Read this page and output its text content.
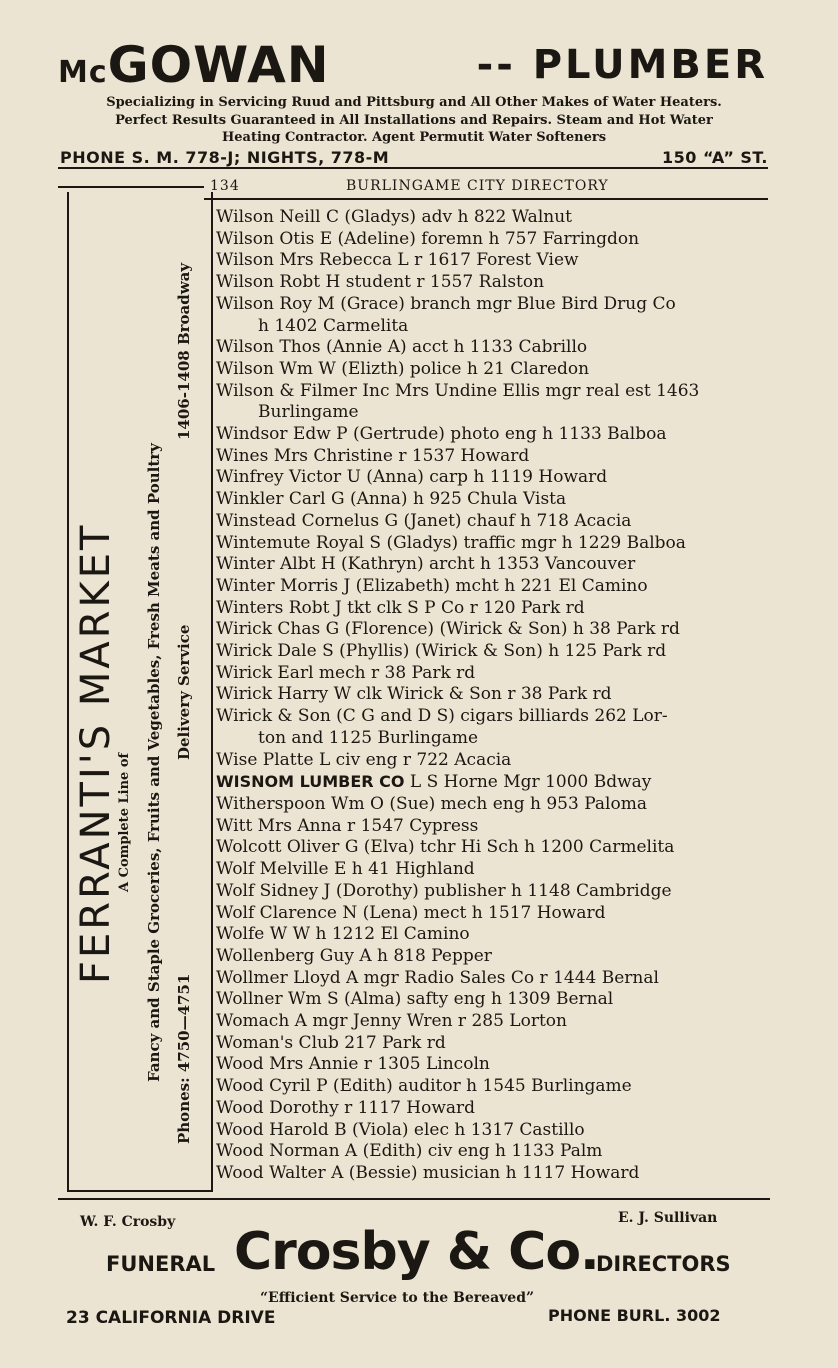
McGOWAN	-- PLUMBER
Specializing in Servicing Ruud and Pittsburg and All Other Makes of Water Heaters.
Perfect Results Guaranteed in All Installations and Repairs. Steam and Hot Water
Heating Contractor. Agent Permutit Water Softeners
PHONE S. M. 778-J; NIGHTS, 778-M	150 “A” ST.
134	BURLINGAME CITY DIRECTORY
FERRANTI'S MARKET
A Complete Line of Fancy and Staple Groceries, Fruits and Vegetables, Fresh Meats and Poultry Phones: 4750—4751
Delivery Service
1406-1408 Broadway
Wilson Neill C (Gladys) adv h 822 Walnut
Wilson Otis E (Adeline) foremn h 757 Farringdon
Wilson Mrs Rebecca L r 1617 Forest View
Wilson Robt H student r 1557 Ralston
Wilson Roy M (Grace) branch mgr Blue Bird Drug Co
h 1402 Carmelita
Wilson Thos (Annie A) acct h 1133 Cabrillo
Wilson Wm W (Elizth) police h 21 Claredon
Wilson & Filmer Inc Mrs Undine Ellis mgr real est 1463
Burlingame
Windsor Edw P (Gertrude) photo eng h 1133 Balboa
Wines Mrs Christine r 1537 Howard
Winfrey Victor U (Anna) carp h 1119 Howard
Winkler Carl G (Anna) h 925 Chula Vista
Winstead Cornelus G (Janet) chauf h 718 Acacia
Wintemute Royal S (Gladys) traffic mgr h 1229 Balboa
Winter Albt H (Kathryn) archt h 1353 Vancouver
Winter Morris J (Elizabeth) mcht h 221 El Camino
Winters Robt J tkt clk S P Co r 120 Park rd
Wirick Chas G (Florence) (Wirick & Son) h 38 Park rd
Wirick Dale S (Phyllis) (Wirick & Son) h 125 Park rd
Wirick Earl mech r 38 Park rd
Wirick Harry W clk Wirick & Son r 38 Park rd
Wirick & Son (C G and D S) cigars billiards 262 Lor-
ton and 1125 Burlingame
Wise Platte L civ eng r 722 Acacia
WISNOM LUMBER CO L S Horne Mgr 1000 Bdway
Witherspoon Wm O (Sue) mech eng h 953 Paloma
Witt Mrs Anna r 1547 Cypress
Wolcott Oliver G (Elva) tchr Hi Sch h 1200 Carmelita
Wolf Melville E h 41 Highland
Wolf Sidney J (Dorothy) publisher h 1148 Cambridge
Wolf Clarence N (Lena) mect h 1517 Howard
Wolfe W W h 1212 El Camino
Wollenberg Guy A h 818 Pepper
Wollmer Lloyd A mgr Radio Sales Co r 1444 Bernal
Wollner Wm S (Alma) safty eng h 1309 Bernal
Womach A mgr Jenny Wren r 285 Lorton
Woman's Club 217 Park rd
Wood Mrs Annie r 1305 Lincoln
Wood Cyril P (Edith) auditor h 1545 Burlingame
Wood Dorothy r 1117 Howard
Wood Harold B (Viola) elec h 1317 Castillo
Wood Norman A (Edith) civ eng h 1133 Palm
Wood Walter A (Bessie) musician h 1117 Howard
W. F. Crosby	E. J. Sullivan
FUNERAL Crosby & Co.
DIRECTORS
“Efficient Service to the Bereaved”
23 CALIFORNIA DRIVE	PHONE BURL. 3002
